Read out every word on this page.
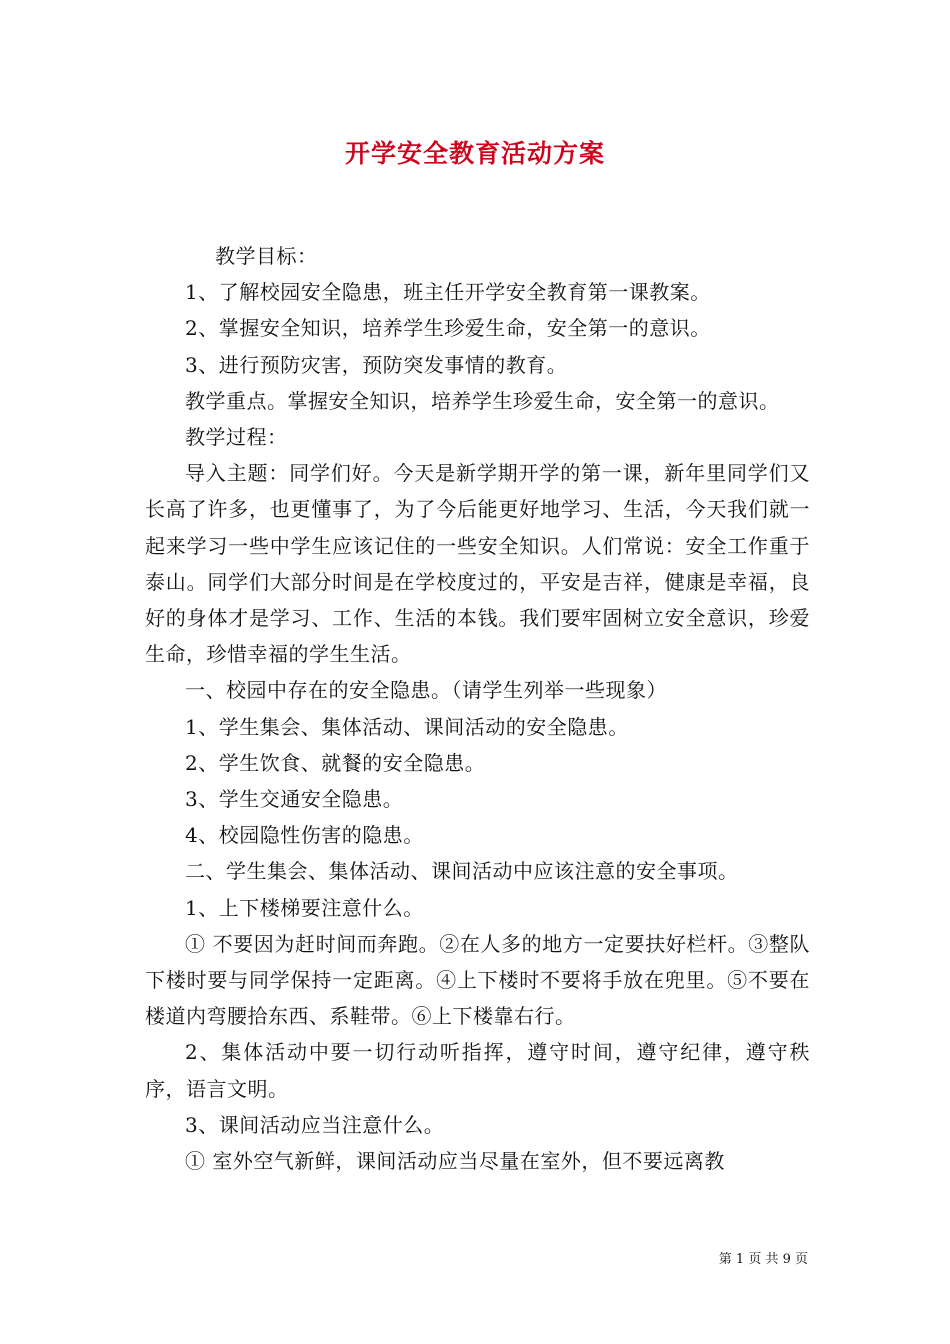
开学安全教育活动方案

教学目标：

1、了解校园安全隐患，班主任开学安全教育第一课教案。

2、掌握安全知识，培养学生珍爱生命，安全第一的意识。

3、进行预防灾害，预防突发事情的教育。

教学重点。掌握安全知识，培养学生珍爱生命，安全第一的意识。

教学过程：

导入主题：同学们好。今天是新学期开学的第一课，新年里同学们又长高了许多，也更懂事了，为了今后能更好地学习、生活，今天我们就一起来学习一些中学生应该记住的一些安全知识。人们常说：安全工作重于泰山。同学们大部分时间是在学校度过的，平安是吉祥，健康是幸福，良好的身体才是学习、工作、生活的本钱。我们要牢固树立安全意识，珍爱生命，珍惜幸福的学生生活。

一、校园中存在的安全隐患。（请学生列举一些现象）

1、学生集会、集体活动、课间活动的安全隐患。

2、学生饮食、就餐的安全隐患。

3、学生交通安全隐患。

4、校园隐性伤害的隐患。

二、学生集会、集体活动、课间活动中应该注意的安全事项。

1、上下楼梯要注意什么。

① 不要因为赶时间而奔跑。②在人多的地方一定要扶好栏杆。③整队下楼时要与同学保持一定距离。④上下楼时不要将手放在兜里。⑤不要在楼道内弯腰拾东西、系鞋带。⑥上下楼靠右行。

2、集体活动中要一切行动听指挥，遵守时间，遵守纪律，遵守秩序，语言文明。

3、课间活动应当注意什么。

① 室外空气新鲜，课间活动应当尽量在室外，但不要远离教

第 1 页 共 9 页
